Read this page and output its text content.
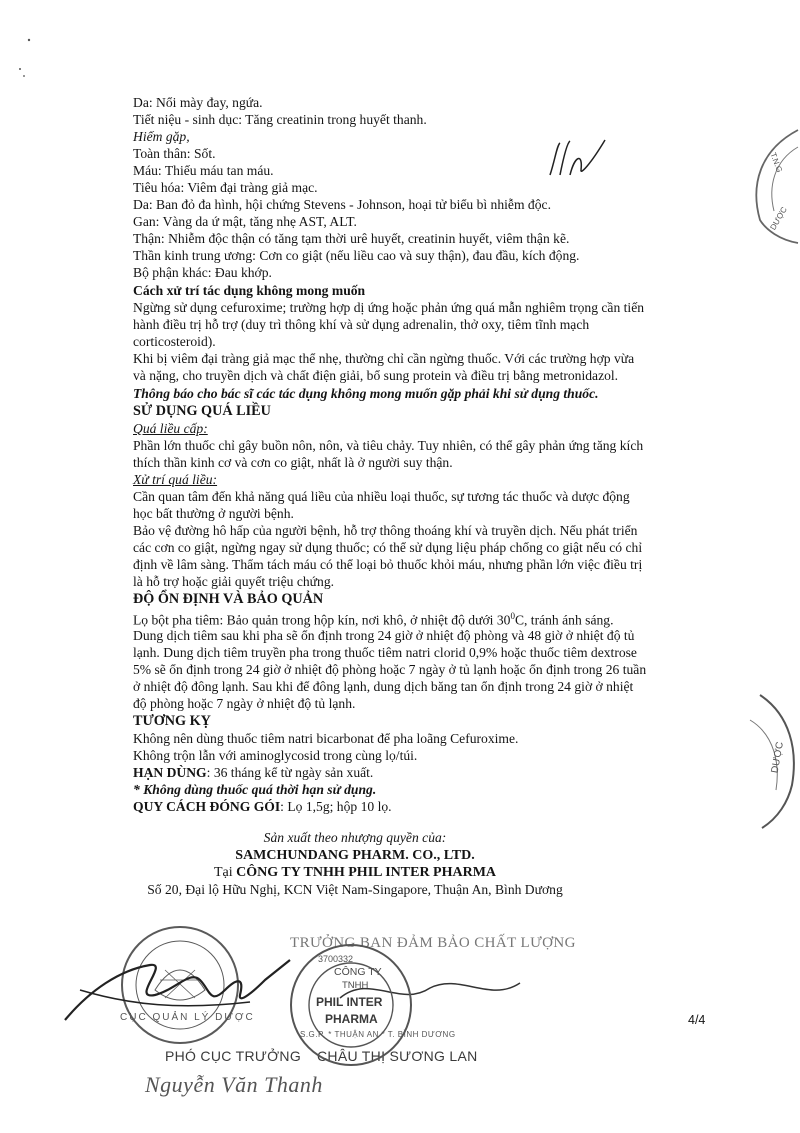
Da: Nổi mày đay, ngứa.
Tiết niệu - sinh dục: Tăng creatinin trong huyết thanh.
Hiếm gặp,
Toàn thân: Sốt.
Máu: Thiếu máu tan máu.
Tiêu hóa: Viêm đại tràng giả mạc.
Da: Ban đỏ đa hình, hội chứng Stevens - Johnson, hoại tử biểu bì nhiễm độc.
Gan: Vàng da ứ mật, tăng nhẹ AST, ALT.
Thận: Nhiễm độc thận có tăng tạm thời urê huyết, creatinin huyết, viêm thận kẽ.
Thần kinh trung ương: Cơn co giật (nếu liều cao và suy thận), đau đầu, kích động.
Bộ phận khác: Đau khớp.
Cách xử trí tác dụng không mong muốn
Ngừng sử dụng cefuroxime; trường hợp dị ứng hoặc phản ứng quá mẫn nghiêm trọng cần tiến
hành điều trị hỗ trợ (duy trì thông khí và sử dụng adrenalin, thở oxy, tiêm tĩnh mạch
corticosteroid).
Khi bị viêm đại tràng giả mạc thể nhẹ, thường chỉ cần ngừng thuốc. Với các trường hợp vừa
và nặng, cho truyền dịch và chất điện giải, bổ sung protein và điều trị bằng metronidazol.
Thông báo cho bác sĩ các tác dụng không mong muốn gặp phải khi sử dụng thuốc.
SỬ DỤNG QUÁ LIỀU
Quá liều cấp:
Phần lớn thuốc chỉ gây buồn nôn, nôn, và tiêu chảy. Tuy nhiên, có thể gây phản ứng tăng kích
thích thần kinh cơ và cơn co giật, nhất là ở người suy thận.
Xử trí quá liều:
Cần quan tâm đến khả năng quá liều của nhiều loại thuốc, sự tương tác thuốc và dược động
học bất thường ở người bệnh.
Bảo vệ đường hô hấp của người bệnh, hỗ trợ thông thoáng khí và truyền dịch. Nếu phát triển
các cơn co giật, ngừng ngay sử dụng thuốc; có thể sử dụng liệu pháp chống co giật nếu có chỉ
định về lâm sàng. Thẩm tách máu có thể loại bỏ thuốc khỏi máu, nhưng phần lớn việc điều trị
là hỗ trợ hoặc giải quyết triệu chứng.
ĐỘ ỔN ĐỊNH VÀ BẢO QUẢN
Lọ bột pha tiêm: Bảo quản trong hộp kín, nơi khô, ở nhiệt độ dưới $30^0C$, tránh ánh sáng.
Dung dịch tiêm sau khi pha sẽ ổn định trong 24 giờ ở nhiệt độ phòng và 48 giờ ở nhiệt độ tủ
lạnh. Dung dịch tiêm truyền pha trong thuốc tiêm natri clorid 0,9% hoặc thuốc tiêm dextrose
5% sẽ ổn định trong 24 giờ ở nhiệt độ phòng hoặc 7 ngày ở tủ lạnh hoặc ổn định trong 26 tuần
ở nhiệt độ đông lạnh. Sau khi để đông lạnh, dung dịch băng tan ổn định trong 24 giờ ở nhiệt
độ phòng hoặc 7 ngày ở nhiệt độ tủ lạnh.
TƯƠNG KỴ
Không nên dùng thuốc tiêm natri bicarbonat để pha loãng Cefuroxime.
Không trộn lẫn với aminoglycosid trong cùng lọ/túi.
HẠN DÙNG: 36 tháng kể từ ngày sản xuất.
* Không dùng thuốc quá thời hạn sử dụng.
QUY CÁCH ĐÓNG GÓI: Lọ 1,5g; hộp 10 lọ.
Sản xuất theo nhượng quyền của:
SAMCHUNDANG PHARM. CO., LTD.
Tại CÔNG TY TNHH PHIL INTER PHARMA
Số 20, Đại lộ Hữu Nghị, KCN Việt Nam-Singapore, Thuận An, Bình Dương
4/4
PHÓ CỤC TRƯỞNG
Nguyễn Văn Thanh
TRƯỞNG BAN ĐẢM BẢO CHẤT LƯỢNG
CHÂU THỊ SƯƠNG LAN
CỤC QUẢN LÝ DƯỢC
3700332
CÔNG TY
TNHH
PHIL INTER
PHARMA
S.G.P. * THUẬN AN * T. BÌNH DƯƠNG
T.N.G
DƯỢC
DƯỢC
